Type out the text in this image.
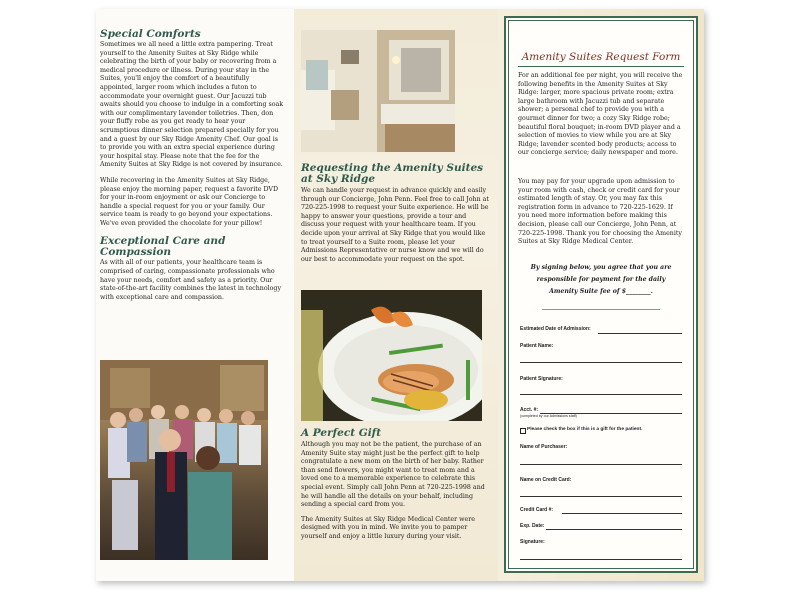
Special Comforts

Sometimes we all need a little extra pampering. Treat yourself to the Amenity Suites at Sky Ridge while celebrating the birth of your baby or recovering from a medical procedure or illness. During your stay in the Suites, you'll enjoy the comfort of a beautifully appointed, larger room which includes a futon to accommodate your overnight guest. Our Jacuzzi tub awaits should you choose to indulge in a comforting soak with our complimentary lavender toiletries. Then, don your fluffy robe as you get ready to hear your scrumptious dinner selection prepared specially for you and a guest by our Sky Ridge Amenity Chef. Our goal is to provide you with an extra special experience during your hospital stay. Please note that the fee for the Amenity Suites at Sky Ridge is not covered by insurance.

While recovering in the Amenity Suites at Sky Ridge, please enjoy the morning paper, request a favorite DVD for your in-room enjoyment or ask our Concierge to handle a special request for you or your family. Our service team is ready to go beyond your expectations. We've even provided the chocolate for your pillow!

Exceptional Care and Compassion

As with all of our patients, your healthcare team is comprised of caring, compassionate professionals who have your needs, comfort and safety as a priority. Our state-of-the-art facility combines the latest in technology with exceptional care and compassion.

Requesting the Amenity Suites
at Sky Ridge

We can handle your request in advance quickly and easily through our Concierge, John Penn. Feel free to call John at 720-225-1998 to request your Suite experience. He will be happy to answer your questions, provide a tour and discuss your request with your healthcare team. If you decide upon your arrival at Sky Ridge that you would like to treat yourself to a Suite room, please let your Admissions Representative or nurse know and we will do our best to accommodate your request on the spot.

A Perfect Gift

Although you may not be the patient, the purchase of an Amenity Suite stay might just be the perfect gift to help congratulate a new mom on the birth of her baby. Rather than send flowers, you might want to treat mom and a loved one to a memorable experience to celebrate this special event. Simply call John Penn at 720-225-1998 and he will handle all the details on your behalf, including sending a special card from you.

The Amenity Suites at Sky Ridge Medical Center were designed with you in mind. We invite you to pamper yourself and enjoy a little luxury during your visit.

Amenity Suites Request Form

For an additional fee per night, you will receive the following benefits in the Amenity Suites at Sky Ridge: larger, more spacious private room; extra large bathroom with Jacuzzi tub and separate shower; a personal chef to provide you with a gourmet dinner for two; a cozy Sky Ridge robe; beautiful floral bouquet; in-room DVD player and a selection of movies to view while you are at Sky Ridge; lavender scented body products; access to our concierge service; daily newspaper and more.

You may pay for your upgrade upon admission to your room with cash, check or credit card for your estimated length of stay. Or, you may fax this registration form in advance to 720-225-1629. If you need more information before making this decision, please call our Concierge, John Penn, at 720-225-1998. Thank you for choosing the Amenity Suites at Sky Ridge Medical Center.

By signing below, you agree that you are
responsible for payment for the daily
Amenity Suite fee of $________.
Estimated Date of Admission:
Patient Name:
Patient Signature:
Acct. #:
(completed by our Admissions staff)
Please check the box if this is a gift for the patient.
Name of Purchaser:
Name on Credit Card:
Credit Card #:
Exp. Date:
Signature:
